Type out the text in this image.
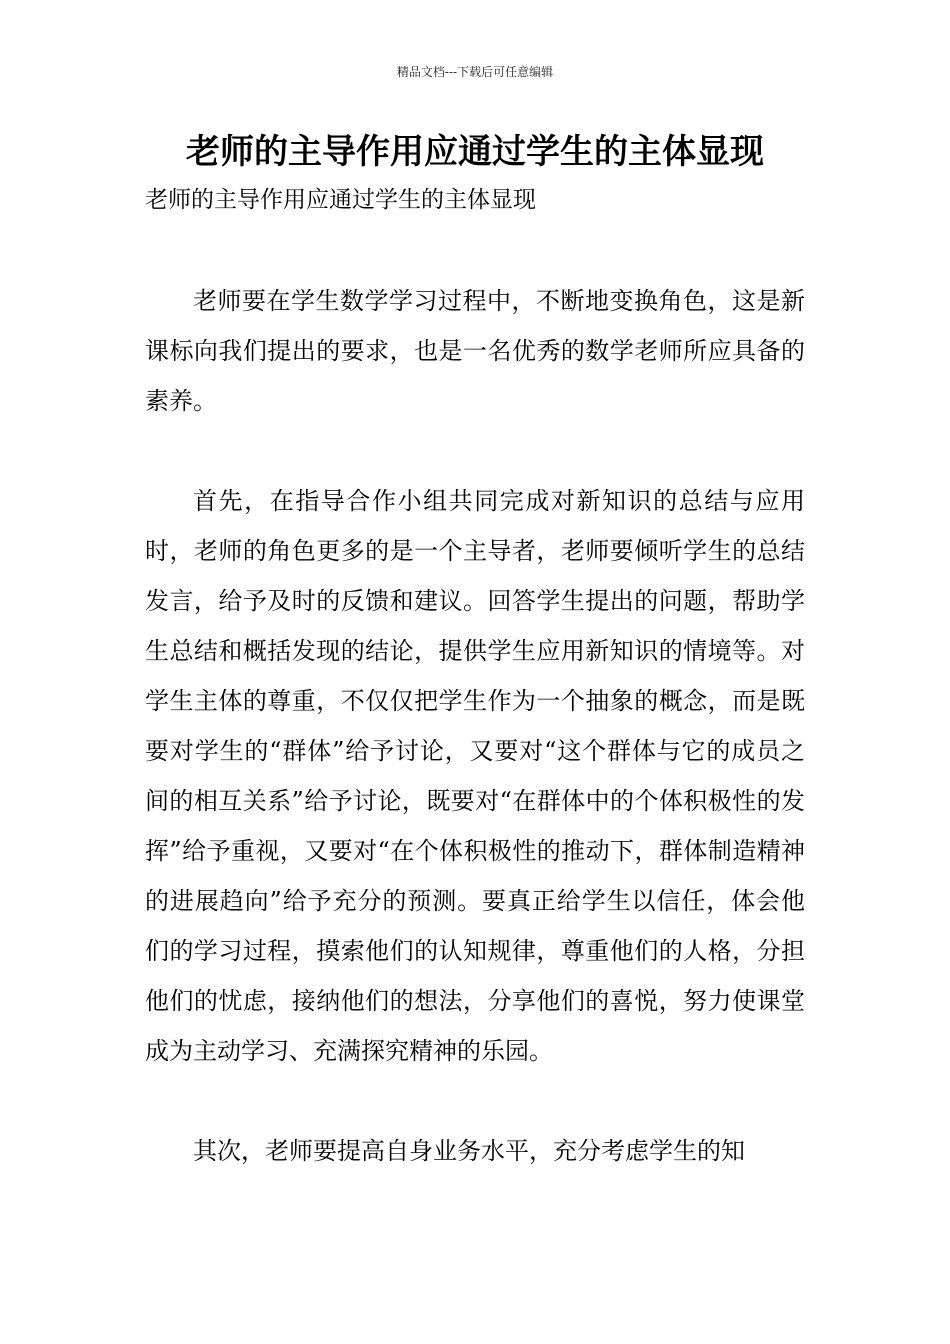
精品文档---下载后可任意编辑
老师的主导作用应通过学生的主体显现
老师的主导作用应通过学生的主体显现

老师要在学生数学学习过程中，不断地变换角色，这是新课标向我们提出的要求，也是一名优秀的数学老师所应具备的素养。

首先，在指导合作小组共同完成对新知识的总结与应用时，老师的角色更多的是一个主导者，老师要倾听学生的总结发言，给予及时的反馈和建议。回答学生提出的问题，帮助学生总结和概括发现的结论，提供学生应用新知识的情境等。对学生主体的尊重，不仅仅把学生作为一个抽象的概念，而是既要对学生的“群体”给予讨论，又要对“这个群体与它的成员之间的相互关系”给予讨论，既要对“在群体中的个体积极性的发挥”给予重视，又要对“在个体积极性的推动下，群体制造精神的进展趋向”给予充分的预测。要真正给学生以信任，体会他们的学习过程，摸索他们的认知规律，尊重他们的人格，分担他们的忧虑，接纳他们的想法，分享他们的喜悦，努力使课堂成为主动学习、充满探究精神的乐园。

其次，老师要提高自身业务水平，充分考虑学生的知
